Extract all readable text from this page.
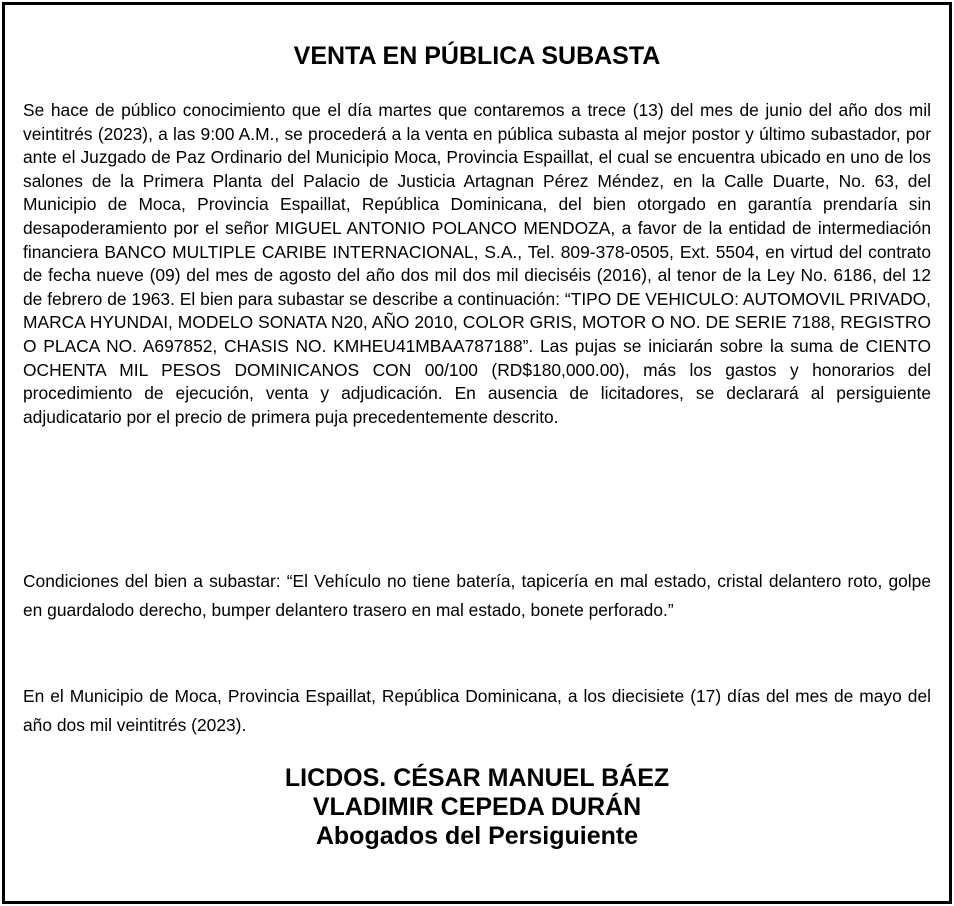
VENTA EN PÚBLICA SUBASTA

Se hace de público conocimiento que el día martes que contaremos a trece (13) del mes de junio del año dos mil veintitrés (2023), a las 9:00 A.M., se procederá a la venta en pública subasta al mejor postor y último subastador, por ante el Juzgado de Paz Ordinario del Municipio Moca, Provincia Espaillat, el cual se encuentra ubicado en uno de los salones de la Primera Planta del Palacio de Justicia Artagnan Pérez Méndez, en la Calle Duarte, No. 63, del Municipio de Moca, Provincia Espaillat, República Dominicana, del bien otorgado en garantía prendaría sin desapoderamiento por el señor MIGUEL ANTONIO POLANCO MENDOZA, a favor de la entidad de intermediación financiera BANCO MULTIPLE CARIBE INTERNACIONAL, S.A., Tel. 809-378-0505, Ext. 5504, en virtud del contrato de fecha nueve (09) del mes de agosto del año dos mil dos mil dieciséis (2016), al tenor de la Ley No. 6186, del 12 de febrero de 1963. El bien para subastar se describe a continuación: “TIPO DE VEHICULO: AUTOMOVIL PRIVADO, MARCA HYUNDAI, MODELO SONATA N20, AÑO 2010, COLOR GRIS, MOTOR O NO. DE SERIE 7188, REGISTRO O PLACA NO. A697852, CHASIS NO. KMHEU41MBAA787188”. Las pujas se iniciarán sobre la suma de CIENTO OCHENTA MIL PESOS DOMINICANOS CON 00/100 (RD$180,000.00), más los gastos y honorarios del procedimiento de ejecución, venta y adjudicación. En ausencia de licitadores, se declarará al persiguiente adjudicatario por el precio de primera puja precedentemente descrito.

Condiciones del bien a subastar: “El Vehículo no tiene batería, tapicería en mal estado, cristal delantero roto, golpe en guardalodo derecho, bumper delantero trasero en mal estado, bonete perforado.”

En el Municipio de Moca, Provincia Espaillat, República Dominicana, a los diecisiete (17) días del mes de mayo del año dos mil veintitrés (2023).

LICDOS. CÉSAR MANUEL BÁEZ
VLADIMIR CEPEDA DURÁN
Abogados del Persiguiente
